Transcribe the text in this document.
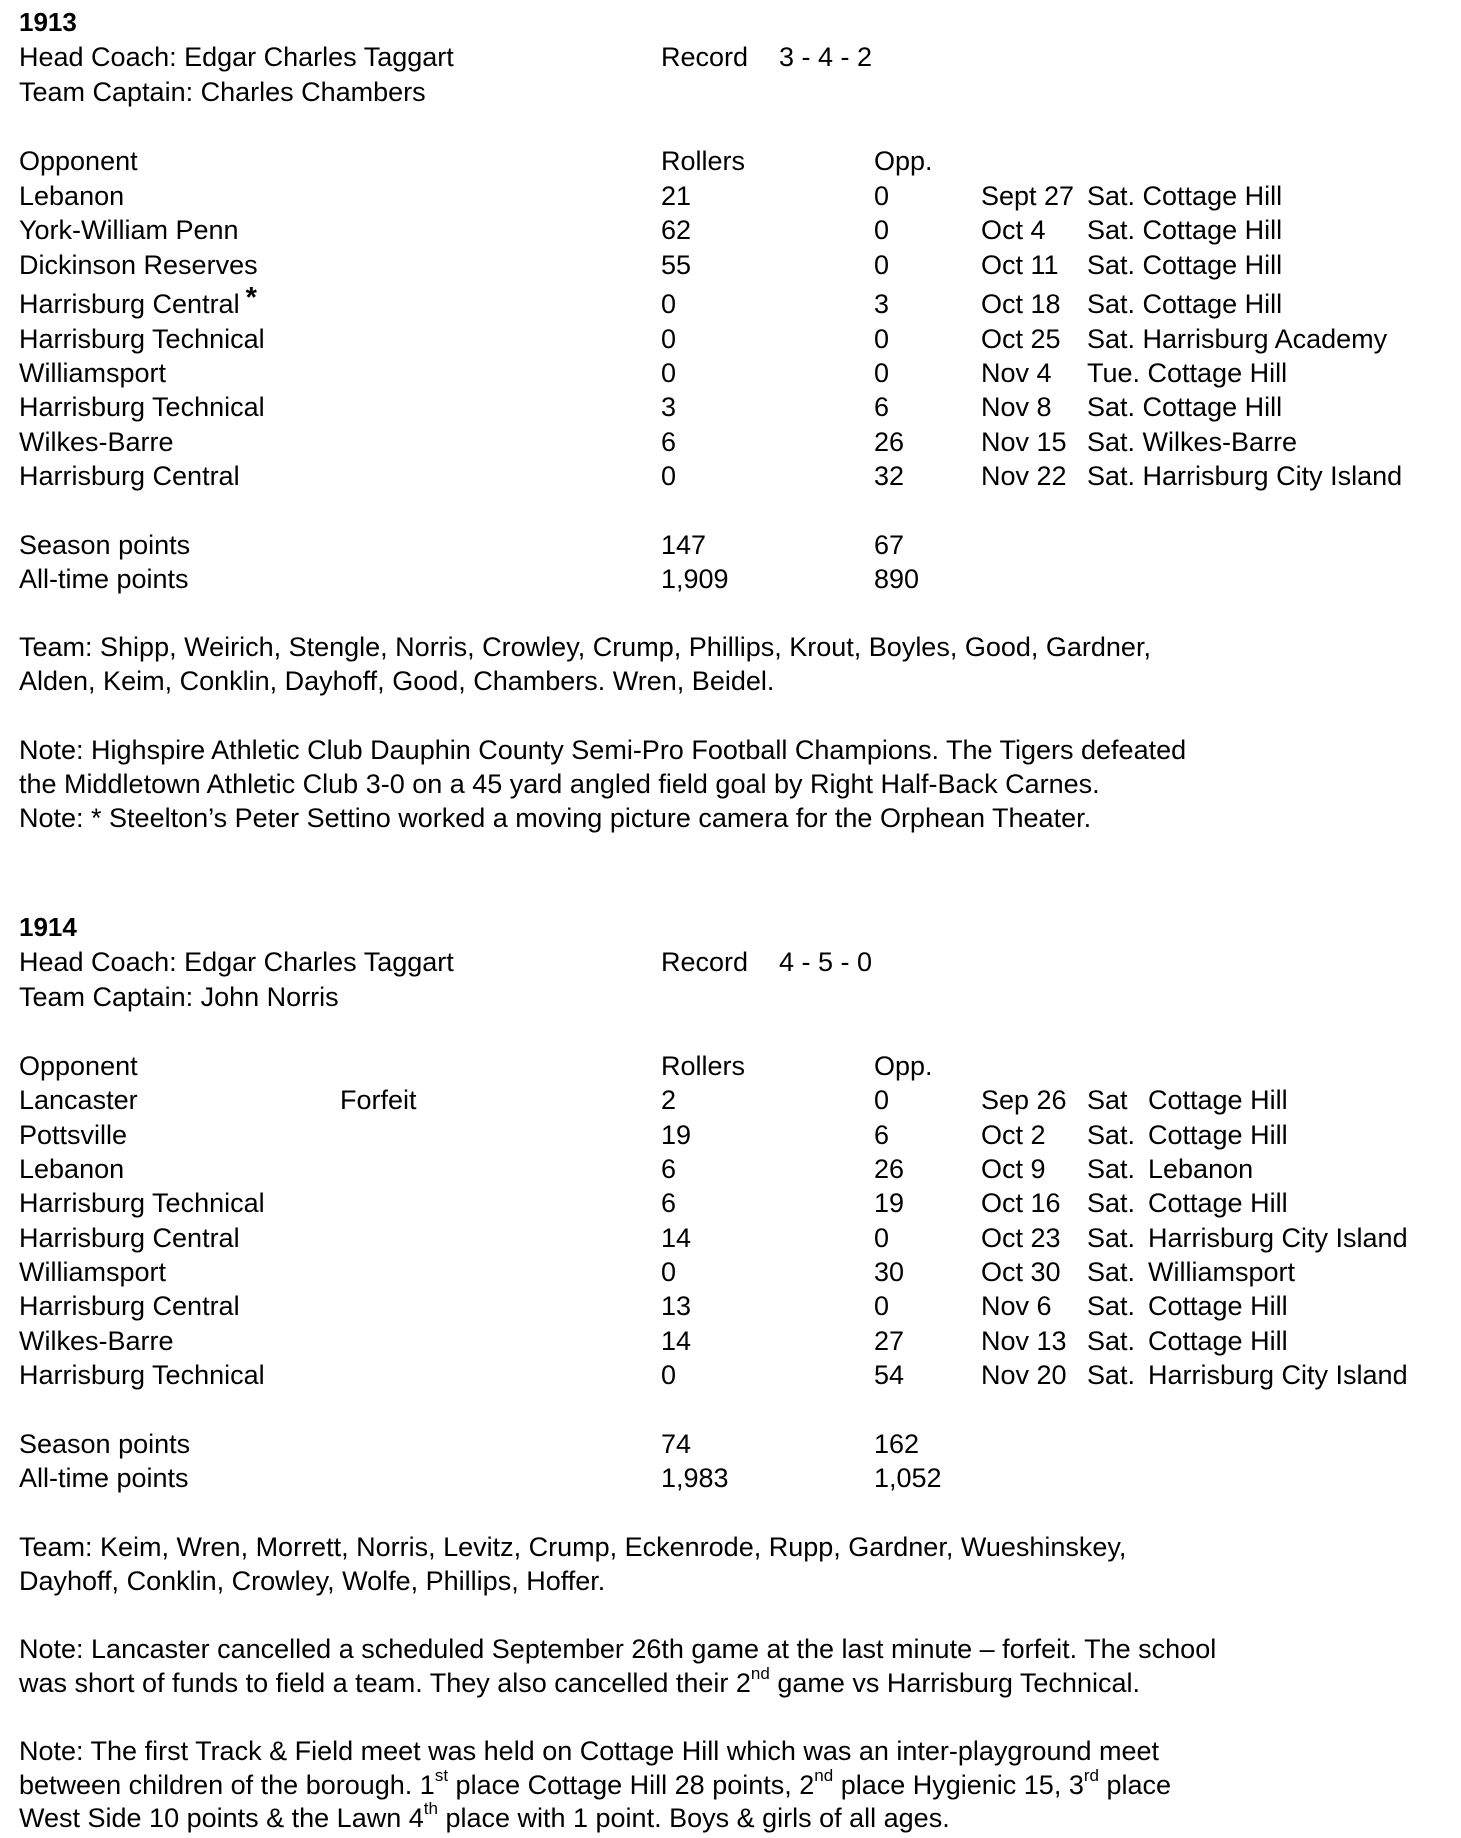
1913
Head Coach: Edgar Charles Taggart	Record 3 - 4 - 2
Team Captain: Charles Chambers
Opponent	Rollers	Opp.
Lebanon	21	0	Sept 27 Sat. Cottage Hill
York-William Penn	62	0	Oct 4 Sat. Cottage Hill
Dickinson Reserves	55	0	Oct 11 Sat. Cottage Hill
Harrisburg Central *	0	3	Oct 18 Sat. Cottage Hill
Harrisburg Technical	0	0	Oct 25 Sat. Harrisburg Academy
Williamsport	0	0	Nov 4 Tue. Cottage Hill
Harrisburg Technical	3	6	Nov 8 Sat. Cottage Hill
Wilkes-Barre	6	26	Nov 15 Sat. Wilkes-Barre
Harrisburg Central	0	32	Nov 22 Sat. Harrisburg City Island
Season points	147	67
All-time points	1,909	890
Team: Shipp, Weirich, Stengle, Norris, Crowley, Crump, Phillips, Krout, Boyles, Good, Gardner,
Alden, Keim, Conklin, Dayhoff, Good, Chambers. Wren, Beidel.
Note: Highspire Athletic Club Dauphin County Semi-Pro Football Champions. The Tigers defeated
the Middletown Athletic Club 3-0 on a 45 yard angled field goal by Right Half-Back Carnes.
Note: * Steelton’s Peter Settino worked a moving picture camera for the Orphean Theater.
1914
Head Coach: Edgar Charles Taggart	Record 4 - 5 - 0
Team Captain: John Norris
Opponent	Rollers	Opp.
Lancaster	Forfeit	2	0	Sep 26 Sat Cottage Hill
Pottsville	19	6	Oct 2 Sat. Cottage Hill
Lebanon	6	26	Oct 9 Sat. Lebanon
Harrisburg Technical	6	19	Oct 16 Sat. Cottage Hill
Harrisburg Central	14	0	Oct 23 Sat. Harrisburg City Island
Williamsport	0	30	Oct 30 Sat. Williamsport
Harrisburg Central	13	0	Nov 6 Sat. Cottage Hill
Wilkes-Barre	14	27	Nov 13 Sat. Cottage Hill
Harrisburg Technical	0	54	Nov 20 Sat. Harrisburg City Island
Season points	74	162
All-time points	1,983	1,052
Team: Keim, Wren, Morrett, Norris, Levitz, Crump, Eckenrode, Rupp, Gardner, Wueshinskey,
Dayhoff, Conklin, Crowley, Wolfe, Phillips, Hoffer.
Note: Lancaster cancelled a scheduled September 26th game at the last minute – forfeit. The school
was short of funds to field a team. They also cancelled their 2nd game vs Harrisburg Technical.
Note: The first Track & Field meet was held on Cottage Hill which was an inter-playground meet
between children of the borough. 1st place Cottage Hill 28 points, 2nd place Hygienic 15, 3rd place
West Side 10 points & the Lawn 4th place with 1 point. Boys & girls of all ages.
